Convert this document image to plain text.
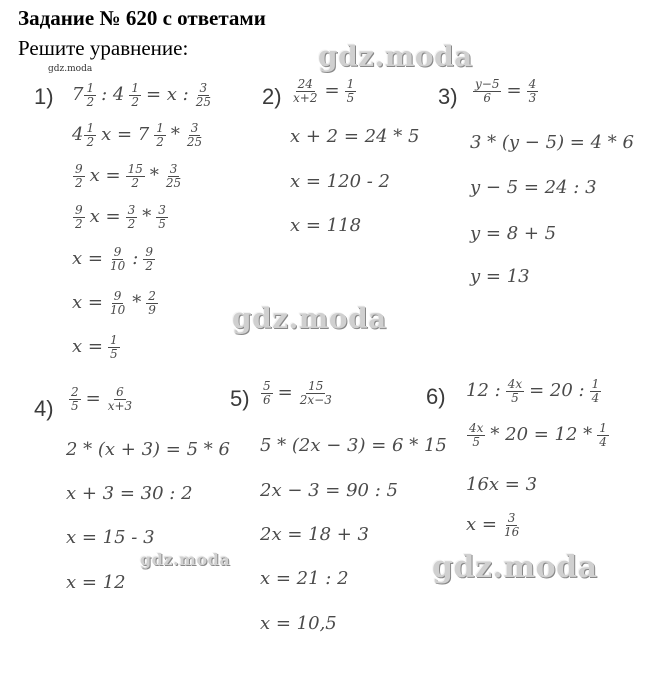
Задание № 620 с ответами
Решите уравнение:	gdz.moda
gdz.moda
gdz.moda
gdz.moda	gdz.moda
1) 7 1
2 : $4 \frac{1}{2} = x$ : 3
25
4 1
2 x = 7 1
2 * 3
25
9
2 $x = \frac{15}{2} * 3$
25
9
2 $x = \frac{3}{2} * 3$
5
$x = \frac{9}{10}$ : 9
2
$x = \frac{9}{10} * 2$
9
$x = \frac{1}{5}$
$2) \frac{24}{x+2} = \frac{1}{5}$
x + 2 = 24 * 5
x = 120 - 2
x = 118
$3) \frac{y-5}{6} = \frac{4}{3}$
3 * (y − 5) = 4 * 6
y − 5 = 24 : 3
y = 8 + 5
y = 13
$4) \frac{2}{5} = \frac{6}{x+3}$
2 * (x + 3) = 5 * 6
x + 3 = 30 : 2
x = 15 - 3
x = 12
$5) \frac{5}{6} = \frac{15}{2x-3}$
5 * (2x − 3) = 6 * 15
2x − 3 = 90 : 5
2x = 18 + 3
x = 21 : 2
x = 10,5
6) 12 : $\frac{4x}{5} = 20$ : 1
4
4x
5 * 20 = 12 * 1
4
16x = 3
$x = \frac{3}{16}$
